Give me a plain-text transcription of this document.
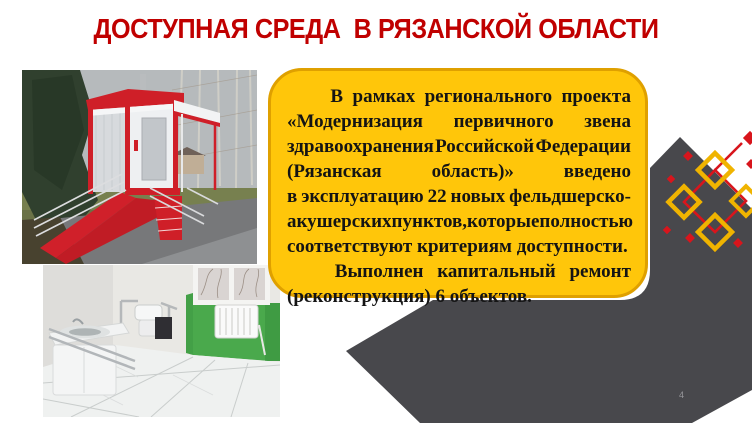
ДОСТУПНАЯ СРЕДА  В РЯЗАНСКОЙ ОБЛАСТИ
В рамках регионального проекта
«Модернизация первичного звена
здравоохранения Российской Федерации
(Рязанская	область)»	введено
в эксплуатацию 22 новых фельдшерско-
акушерских пунктов, которые полностью
соответствуют критериям доступности.
Выполнен капитальный ремонт
(реконструкция) 6 объектов.
4
